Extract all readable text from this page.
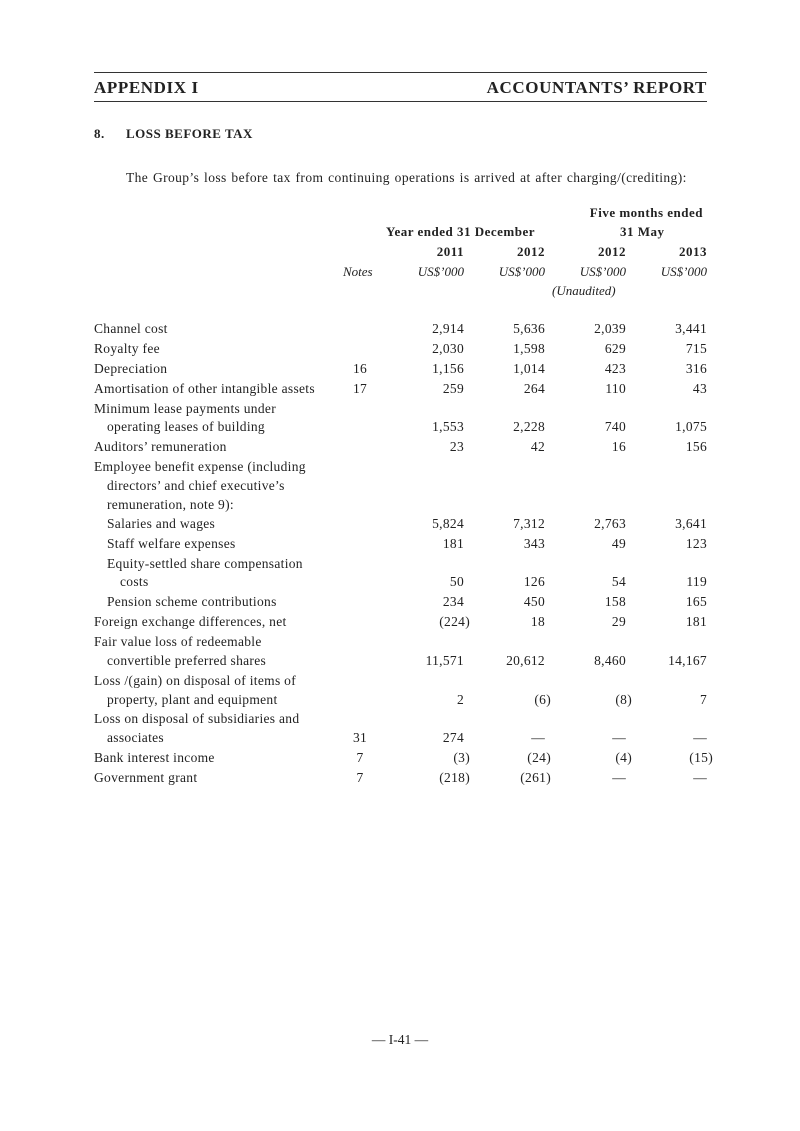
APPENDIX I	ACCOUNTANTS’ REPORT
8. LOSS BEFORE TAX
The Group’s loss before tax from continuing operations is arrived at after charging/(crediting):
Five months ended
Year ended 31 December	31 May
2011	2012	2012	2013
Notes	US$’000	US$’000	US$’000	US$’000
(Unaudited)
Channel cost	2,914	5,636	2,039	3,441
Royalty fee	2,030	1,598	629	715
Depreciation	16	1,156	1,014	423	316
Amortisation of other intangible assets	17	259	264	110	43
Minimum lease payments under
operating leases of building	1,553	2,228	740	1,075
Auditors’ remuneration	23	42	16	156
Employee benefit expense (including
directors’ and chief executive’s
remuneration, note 9):
Salaries and wages	5,824	7,312	2,763	3,641
Staff welfare expenses	181	343	49	123
Equity-settled share compensation
costs	50	126	54	119
Pension scheme contributions	234	450	158	165
Foreign exchange differences, net	(224)	18	29	181
Fair value loss of redeemable
convertible preferred shares	11,571	20,612	8,460	14,167
Loss /(gain) on disposal of items of
property, plant and equipment	2	(6)	(8)	7
Loss on disposal of subsidiaries and
associates	31	274	—	—	—
Bank interest income	7	(3)	(24)	(4)	(15)
Government grant	7	(218)	(261)	—	—
— I-41 —
